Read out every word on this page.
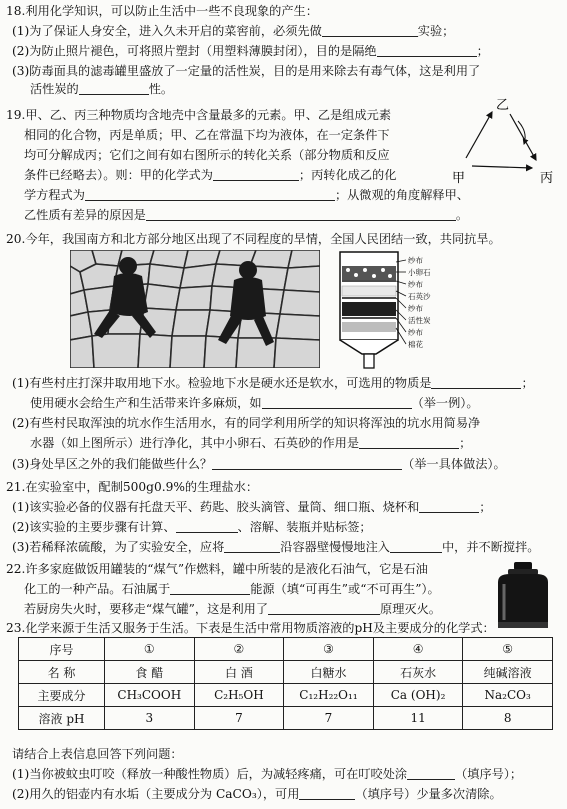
18.利用化学知识，可以防止生活中一些不良现象的产生：
(1)为了保证人身安全，进入久未开启的菜窖前，必须先做	实验；
(2)为防止照片褪色，可将照片塑封（用塑料薄膜封闭），目的是隔绝	；
(3)防毒面具的滤毒罐里盛放了一定量的活性炭，目的是用来除去有毒气体，这是利用了
活性炭的	性。
19.甲、乙、丙三种物质均含地壳中含量最多的元素。甲、乙是组成元素
相同的化合物，丙是单质；甲、乙在常温下均为液体，在一定条件下
均可分解成丙；它们之间有如右图所示的转化关系（部分物质和反应
条件已经略去）。则：甲的化学式为	；丙转化成乙的化
学方程式为	；从微观的角度解释甲、
乙性质有差异的原因是	。
乙
甲	丙
20.今年，我国南方和北方部分地区出现了不同程度的旱情，全国人民团结一致，共同抗旱。
纱布
小卵石
纱布
石英沙
纱布
活性炭
纱布
棉花
(1)有些村庄打深井取用地下水。检验地下水是硬水还是软水，可选用的物质是	；
使用硬水会给生产和生活带来许多麻烦，如	（举一例）。
(2)有些村民取浑浊的坑水作生活用水，有的同学利用所学的知识将浑浊的坑水用简易净
水器（如上图所示）进行净化，其中小卵石、石英砂的作用是	；
(3)身处旱区之外的我们能做些什么？	（举一具体做法）。
21.在实验室中，配制500g0.9%的生理盐水：
(1)该实验必备的仪器有托盘天平、药匙、胶头滴管、量筒、细口瓶、烧杯和	；
(2)该实验的主要步骤有计算、	、溶解、装瓶并贴标签；
(3)若稀释浓硫酸，为了实验安全，应将	沿容器壁慢慢地注入	中，并不断搅拌。
22.许多家庭做饭用罐装的“煤气”作燃料，罐中所装的是液化石油气，它是石油
化工的一种产品。石油属于	能源（填“可再生”或“不可再生”）。
若厨房失火时，要移走“煤气罐”，这是利用了	原理灭火。
23.化学来源于生活又服务于生活。下表是生活中常用物质溶液的pH及主要成分的化学式：
序号	①	②	③	④	⑤
名 称	食 醋	白 酒	白糖水	石灰水	纯碱溶液
主要成分	CH₃COOH	C₂H₅OH	C₁₂H₂₂O₁₁	Ca (OH)₂	Na₂CO₃
溶液 pH	3	7	7	11	8
请结合上表信息回答下列问题：
(1)当你被蚊虫叮咬（释放一种酸性物质）后，为减轻疼痛，可在叮咬处涂	（填序号）；
(2)用久的铝壶内有水垢（主要成分为 CaCO₃），可用	（填序号）少量多次清除。
